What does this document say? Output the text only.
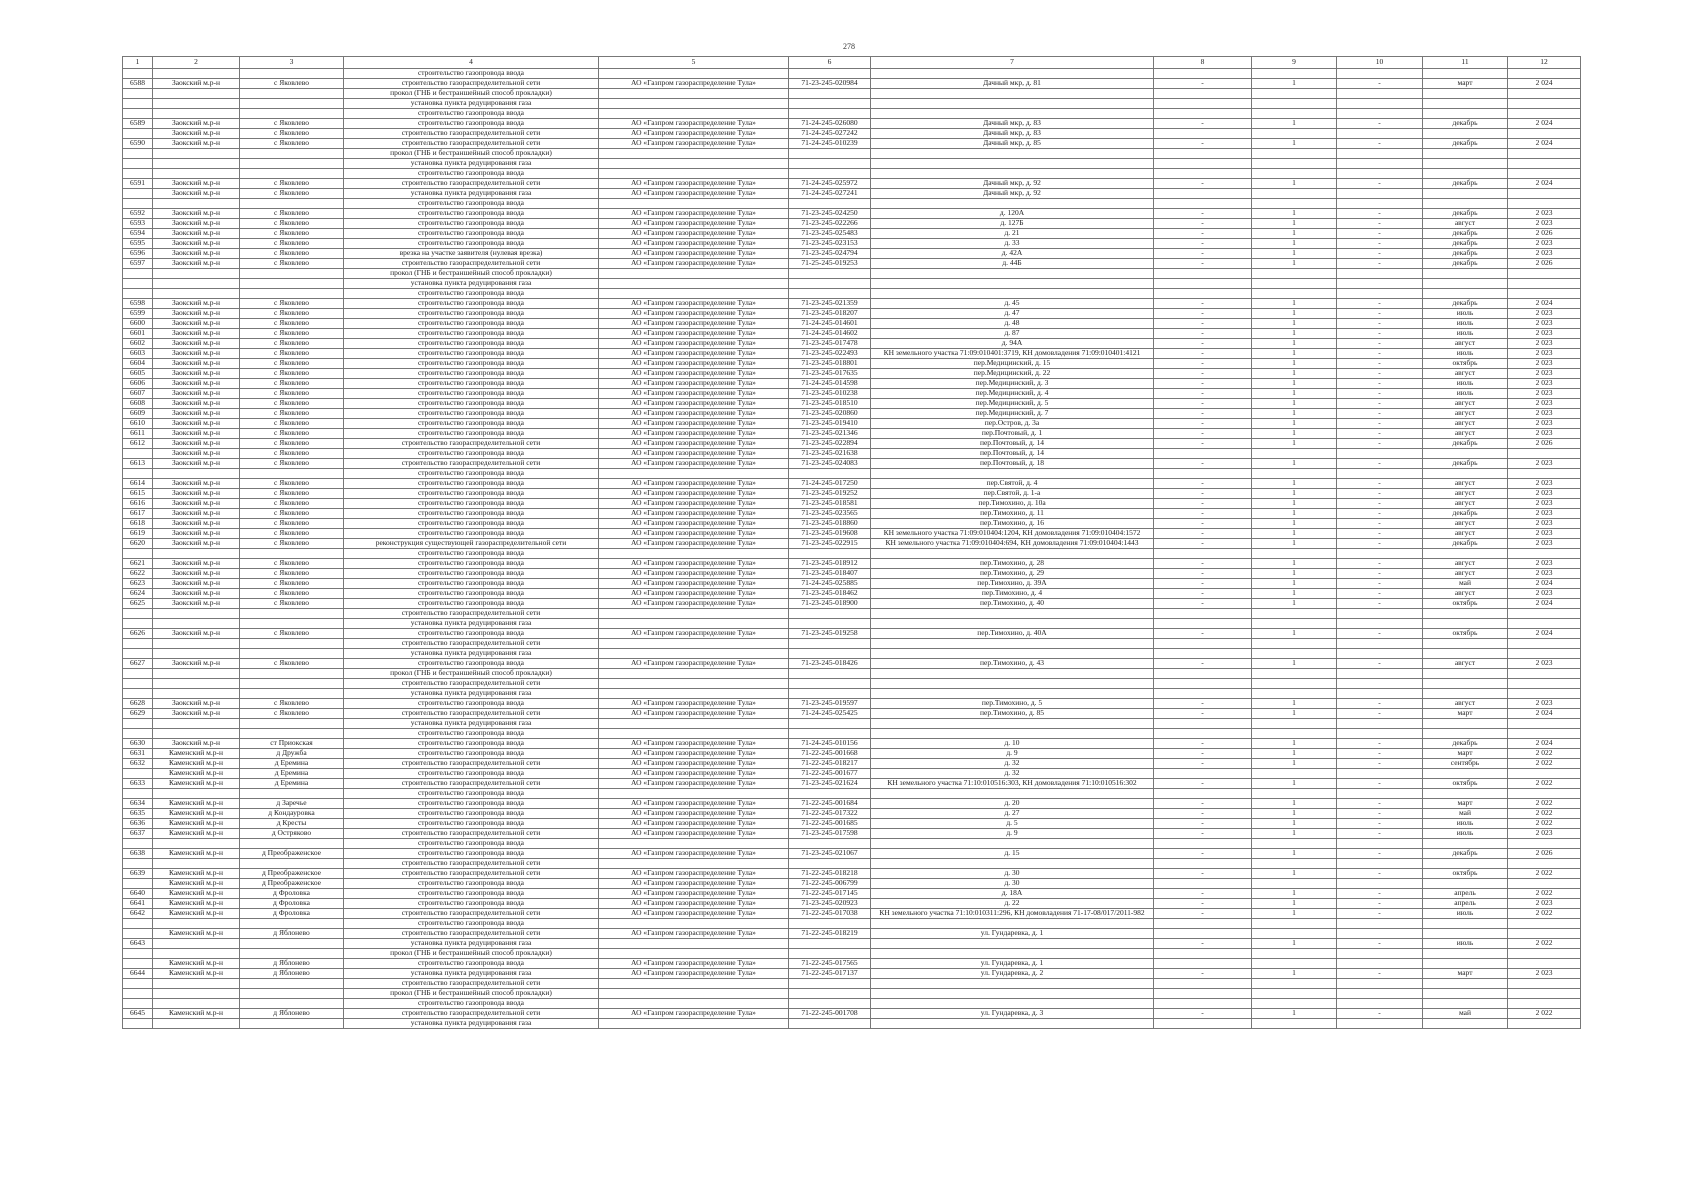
278
1	2	3	4	5	6	7	8	9	10	11	12
			строительство газопровода ввода								
6588	Заокский м.р-н	с Яковлево	строительство газораспределительной сети	АО «Газпром газораспределение Тула»	71-23-245-020984	Дачный мкр, д. 81	-	1	-	март	2 024
			прокол (ГНБ и бестраншейный способ прокладки)								
			установка пункта редуцирования газа								
			строительство газопровода ввода								
6589	Заокский м.р-н	с Яковлево	строительство газопровода ввода	АО «Газпром газораспределение Тула»	71-24-245-026080	Дачный мкр, д. 83	-	1	-	декабрь	2 024
	Заокский м.р-н	с Яковлево	строительство газораспределительной сети	АО «Газпром газораспределение Тула»	71-24-245-027242	Дачный мкр, д. 83					
6590	Заокский м.р-н	с Яковлево	строительство газораспределительной сети	АО «Газпром газораспределение Тула»	71-24-245-010239	Дачный мкр, д. 85	-	1	-	декабрь	2 024
			прокол (ГНБ и бестраншейный способ прокладки)								
			установка пункта редуцирования газа								
			строительство газопровода ввода								
6591	Заокский м.р-н	с Яковлево	строительство газораспределительной сети	АО «Газпром газораспределение Тула»	71-24-245-025972	Дачный мкр, д. 92	-	1	-	декабрь	2 024
	Заокский м.р-н	с Яковлево	установка пункта редуцирования газа	АО «Газпром газораспределение Тула»	71-24-245-027241	Дачный мкр, д. 92					
			строительство газопровода ввода								
6592	Заокский м.р-н	с Яковлево	строительство газопровода ввода	АО «Газпром газораспределение Тула»	71-23-245-024250	д. 120А	-	1	-	декабрь	2 023
6593	Заокский м.р-н	с Яковлево	строительство газопровода ввода	АО «Газпром газораспределение Тула»	71-23-245-022266	д. 127Б	-	1	-	август	2 023
6594	Заокский м.р-н	с Яковлево	строительство газопровода ввода	АО «Газпром газораспределение Тула»	71-23-245-025483	д. 21	-	1	-	декабрь	2 026
6595	Заокский м.р-н	с Яковлево	строительство газопровода ввода	АО «Газпром газораспределение Тула»	71-23-245-023153	д. 33	-	1	-	декабрь	2 023
6596	Заокский м.р-н	с Яковлево	врезка на участке заявителя (нулевая врезка)	АО «Газпром газораспределение Тула»	71-23-245-024794	д. 42А	-	1	-	декабрь	2 023
6597	Заокский м.р-н	с Яковлево	строительство газораспределительной сети	АО «Газпром газораспределение Тула»	71-25-245-019253	д. 44Б	-	1	-	декабрь	2 026
			прокол (ГНБ и бестраншейный способ прокладки)								
			установка пункта редуцирования газа								
			строительство газопровода ввода								
6598	Заокский м.р-н	с Яковлево	строительство газопровода ввода	АО «Газпром газораспределение Тула»	71-23-245-021359	д. 45	-	1	-	декабрь	2 024
6599	Заокский м.р-н	с Яковлево	строительство газопровода ввода	АО «Газпром газораспределение Тула»	71-23-245-018207	д. 47	-	1	-	июль	2 023
6600	Заокский м.р-н	с Яковлево	строительство газопровода ввода	АО «Газпром газораспределение Тула»	71-24-245-014601	д. 48	-	1	-	июль	2 023
6601	Заокский м.р-н	с Яковлево	строительство газопровода ввода	АО «Газпром газораспределение Тула»	71-24-245-014602	д. 87	-	1	-	июль	2 023
6602	Заокский м.р-н	с Яковлево	строительство газопровода ввода	АО «Газпром газораспределение Тула»	71-23-245-017478	д. 94А	-	1	-	август	2 023
6603	Заокский м.р-н	с Яковлево	строительство газопровода ввода	АО «Газпром газораспределение Тула»	71-23-245-022493	КН земельного участка 71:09:010401:3719, КН домовладения 71:09:010401:4121	-	1	-	июль	2 023
6604	Заокский м.р-н	с Яковлево	строительство газопровода ввода	АО «Газпром газораспределение Тула»	71-23-245-018801	пер.Медицинский, д. 15	-	1	-	октябрь	2 023
6605	Заокский м.р-н	с Яковлево	строительство газопровода ввода	АО «Газпром газораспределение Тула»	71-23-245-017635	пер.Медицинский, д. 22	-	1	-	август	2 023
6606	Заокский м.р-н	с Яковлево	строительство газопровода ввода	АО «Газпром газораспределение Тула»	71-24-245-014598	пер.Медицинский, д. 3	-	1	-	июль	2 023
6607	Заокский м.р-н	с Яковлево	строительство газопровода ввода	АО «Газпром газораспределение Тула»	71-23-245-010238	пер.Медицинский, д. 4	-	1	-	июль	2 023
6608	Заокский м.р-н	с Яковлево	строительство газопровода ввода	АО «Газпром газораспределение Тула»	71-23-245-018510	пер.Медицинский, д. 5	-	1	-	август	2 023
6609	Заокский м.р-н	с Яковлево	строительство газопровода ввода	АО «Газпром газораспределение Тула»	71-23-245-020860	пер.Медицинский, д. 7	-	1	-	август	2 023
6610	Заокский м.р-н	с Яковлево	строительство газопровода ввода	АО «Газпром газораспределение Тула»	71-23-245-019410	пер.Остров, д. 3а	-	1	-	август	2 023
6611	Заокский м.р-н	с Яковлево	строительство газопровода ввода	АО «Газпром газораспределение Тула»	71-23-245-021346	пер.Почтовый, д. 1	-	1	-	август	2 023
6612	Заокский м.р-н	с Яковлево	строительство газораспределительной сети	АО «Газпром газораспределение Тула»	71-23-245-022894	пер.Почтовый, д. 14	-	1	-	декабрь	2 026
	Заокский м.р-н	с Яковлево	строительство газопровода ввода	АО «Газпром газораспределение Тула»	71-23-245-021638	пер.Почтовый, д. 14					
6613	Заокский м.р-н	с Яковлево	строительство газораспределительной сети	АО «Газпром газораспределение Тула»	71-23-245-024083	пер.Почтовый, д. 18	-	1	-	декабрь	2 023
			строительство газопровода ввода								
6614	Заокский м.р-н	с Яковлево	строительство газопровода ввода	АО «Газпром газораспределение Тула»	71-24-245-017250	пер.Святой, д. 4	-	1	-	август	2 023
6615	Заокский м.р-н	с Яковлево	строительство газопровода ввода	АО «Газпром газораспределение Тула»	71-23-245-019252	пер.Святой, д. 1-а	-	1	-	август	2 023
6616	Заокский м.р-н	с Яковлево	строительство газопровода ввода	АО «Газпром газораспределение Тула»	71-23-245-018581	пер.Тимохино, д. 10а	-	1	-	август	2 023
6617	Заокский м.р-н	с Яковлево	строительство газопровода ввода	АО «Газпром газораспределение Тула»	71-23-245-023565	пер.Тимохино, д. 11	-	1	-	декабрь	2 023
6618	Заокский м.р-н	с Яковлево	строительство газопровода ввода	АО «Газпром газораспределение Тула»	71-23-245-018860	пер.Тимохино, д. 16	-	1	-	август	2 023
6619	Заокский м.р-н	с Яковлево	строительство газопровода ввода	АО «Газпром газораспределение Тула»	71-23-245-019608	КН земельного участка 71:09:010404:1204, КН домовладения 71:09:010404:1572	-	1	-	август	2 023
6620	Заокский м.р-н	с Яковлево	реконструкция существующей газораспределительной сети	АО «Газпром газораспределение Тула»	71-23-245-022915	КН земельного участка 71:09:010404:694, КН домовладения 71:09:010404:1443	-	1	-	декабрь	2 023
			строительство газопровода ввода								
6621	Заокский м.р-н	с Яковлево	строительство газопровода ввода	АО «Газпром газораспределение Тула»	71-23-245-018912	пер.Тимохино, д. 28	-	1	-	август	2 023
6622	Заокский м.р-н	с Яковлево	строительство газопровода ввода	АО «Газпром газораспределение Тула»	71-23-245-018407	пер.Тимохино, д. 29	-	1	-	август	2 023
6623	Заокский м.р-н	с Яковлево	строительство газопровода ввода	АО «Газпром газораспределение Тула»	71-24-245-025885	пер.Тимохино, д. 39А	-	1	-	май	2 024
6624	Заокский м.р-н	с Яковлево	строительство газопровода ввода	АО «Газпром газораспределение Тула»	71-23-245-018462	пер.Тимохино, д. 4	-	1	-	август	2 023
6625	Заокский м.р-н	с Яковлево	строительство газопровода ввода	АО «Газпром газораспределение Тула»	71-23-245-018900	пер.Тимохино, д. 40	-	1	-	октябрь	2 024
			строительство газораспределительной сети								
			установка пункта редуцирования газа								
6626	Заокский м.р-н	с Яковлево	строительство газопровода ввода	АО «Газпром газораспределение Тула»	71-23-245-019258	пер.Тимохино, д. 40А	-	1	-	октябрь	2 024
			строительство газораспределительной сети								
			установка пункта редуцирования газа								
6627	Заокский м.р-н	с Яковлево	строительство газопровода ввода	АО «Газпром газораспределение Тула»	71-23-245-018426	пер.Тимохино, д. 43	-	1	-	август	2 023
			прокол (ГНБ и бестраншейный способ прокладки)								
			строительство газораспределительной сети								
			установка пункта редуцирования газа								
6628	Заокский м.р-н	с Яковлево	строительство газопровода ввода	АО «Газпром газораспределение Тула»	71-23-245-019597	пер.Тимохино, д. 5	-	1	-	август	2 023
6629	Заокский м.р-н	с Яковлево	строительство газораспределительной сети	АО «Газпром газораспределение Тула»	71-24-245-025425	пер.Тимохино, д. 85	-	1	-	март	2 024
			установка пункта редуцирования газа								
			строительство газопровода ввода								
6630	Заокский м.р-н	ст Приокская	строительство газопровода ввода	АО «Газпром газораспределение Тула»	71-24-245-010156	д. 10	-	1	-	декабрь	2 024
6631	Каменский м.р-н	д Дружба	строительство газопровода ввода	АО «Газпром газораспределение Тула»	71-22-245-001668	д. 9	-	1	-	март	2 022
6632	Каменский м.р-н	д Еремина	строительство газораспределительной сети	АО «Газпром газораспределение Тула»	71-22-245-018217	д. 32	-	1	-	сентябрь	2 022
	Каменский м.р-н	д Еремина	строительство газопровода ввода	АО «Газпром газораспределение Тула»	71-22-245-001677	д. 32					
6633	Каменский м.р-н	д Еремина	строительство газораспределительной сети	АО «Газпром газораспределение Тула»	71-23-245-021624	КН земельного участка 71:10:010516:303, КН домовладения 71:10:010516:302	-	1	-	октябрь	2 022
			строительство газопровода ввода								
6634	Каменский м.р-н	д Заречье	строительство газопровода ввода	АО «Газпром газораспределение Тула»	71-22-245-001684	д. 20	-	1	-	март	2 022
6635	Каменский м.р-н	д Кондауровка	строительство газопровода ввода	АО «Газпром газораспределение Тула»	71-22-245-017322	д. 27	-	1	-	май	2 022
6636	Каменский м.р-н	д Кресты	строительство газопровода ввода	АО «Газпром газораспределение Тула»	71-22-245-001685	д. 5	-	1	-	июль	2 022
6637	Каменский м.р-н	д Остряково	строительство газораспределительной сети	АО «Газпром газораспределение Тула»	71-23-245-017598	д. 9	-	1	-	июль	2 023
			строительство газопровода ввода								
6638	Каменский м.р-н	д Преображенское	строительство газопровода ввода	АО «Газпром газораспределение Тула»	71-23-245-021067	д. 15	-	1	-	декабрь	2 026
			строительство газораспределительной сети								
6639	Каменский м.р-н	д Преображенское	строительство газораспределительной сети	АО «Газпром газораспределение Тула»	71-22-245-018218	д. 30	-	1	-	октябрь	2 022
	Каменский м.р-н	д Преображенское	строительство газопровода ввода	АО «Газпром газораспределение Тула»	71-22-245-006799	д. 30					
6640	Каменский м.р-н	д Фроловка	строительство газопровода ввода	АО «Газпром газораспределение Тула»	71-22-245-017145	д. 18А	-	1	-	апрель	2 022
6641	Каменский м.р-н	д Фроловка	строительство газопровода ввода	АО «Газпром газораспределение Тула»	71-23-245-020923	д. 22	-	1	-	апрель	2 023
6642	Каменский м.р-н	д Фроловка	строительство газораспределительной сети	АО «Газпром газораспределение Тула»	71-22-245-017038	КН земельного участка 71:10:010311:296, КН домовладения 71-17-08/017/2011-982	-	1	-	июль	2 022
			строительство газопровода ввода								
	Каменский м.р-н	д Яблонево	строительство газораспределительной сети	АО «Газпром газораспределение Тула»	71-22-245-018219	ул. Гундаревка, д. 1					
6643			установка пункта редуцирования газа				-	1	-	июль	2 022
			прокол (ГНБ и бестраншейный способ прокладки)								
	Каменский м.р-н	д Яблонево	строительство газопровода ввода	АО «Газпром газораспределение Тула»	71-22-245-017565	ул. Гундаревка, д. 1					
6644	Каменский м.р-н	д Яблонево	установка пункта редуцирования газа	АО «Газпром газораспределение Тула»	71-22-245-017137	ул. Гундаревка, д. 2	-	1	-	март	2 023
			строительство газораспределительной сети								
			прокол (ГНБ и бестраншейный способ прокладки)								
			строительство газопровода ввода								
6645	Каменский м.р-н	д Яблонево	строительство газораспределительной сети	АО «Газпром газораспределение Тула»	71-22-245-001708	ул. Гундаревка, д. 3	-	1	-	май	2 022
			установка пункта редуцирования газа								
